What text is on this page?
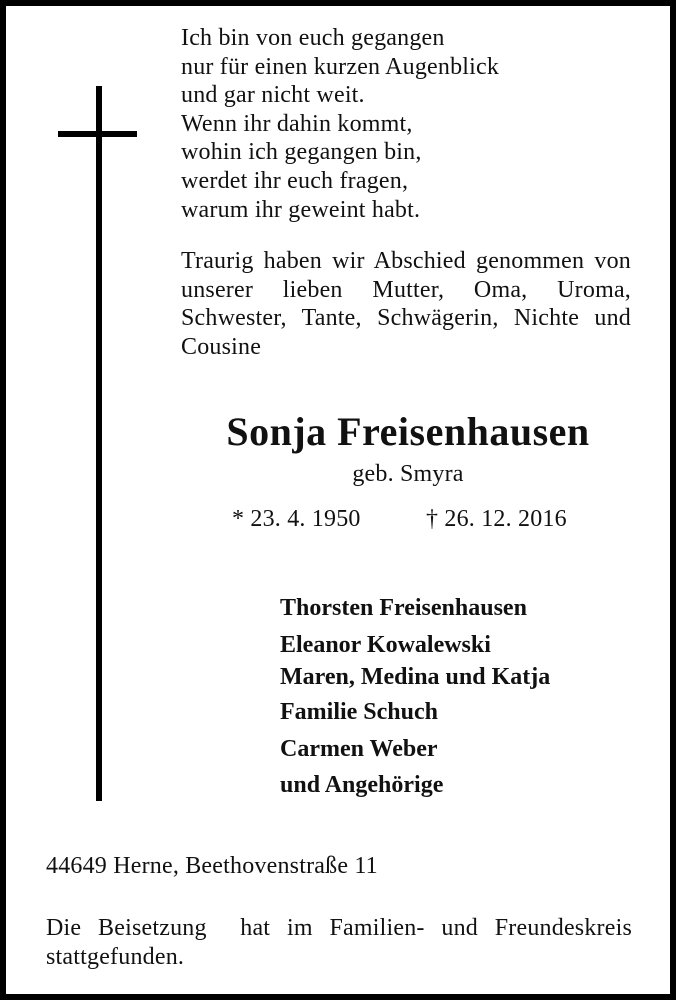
Ich bin von euch gegangen
nur für einen kurzen Augenblick
und gar nicht weit.
Wenn ihr dahin kommt,
wohin ich gegangen bin,
werdet ihr euch fragen,
warum ihr geweint habt.

Traurig haben wir Abschied genommen von unserer lieben Mutter, Oma, Uroma, Schwester, Tante, Schwägerin, Nichte und Cousine

Sonja Freisenhausen
geb. Smyra
* 23. 4. 1950	† 26. 12. 2016
Thorsten Freisenhausen
Eleanor Kowalewski
Maren, Medina und Katja
Familie Schuch
Carmen Weber
und Angehörige
44649 Herne, Beethovenstraße 11

Die Beisetzung  hat im Familien- und Freundeskreis stattgefunden.
